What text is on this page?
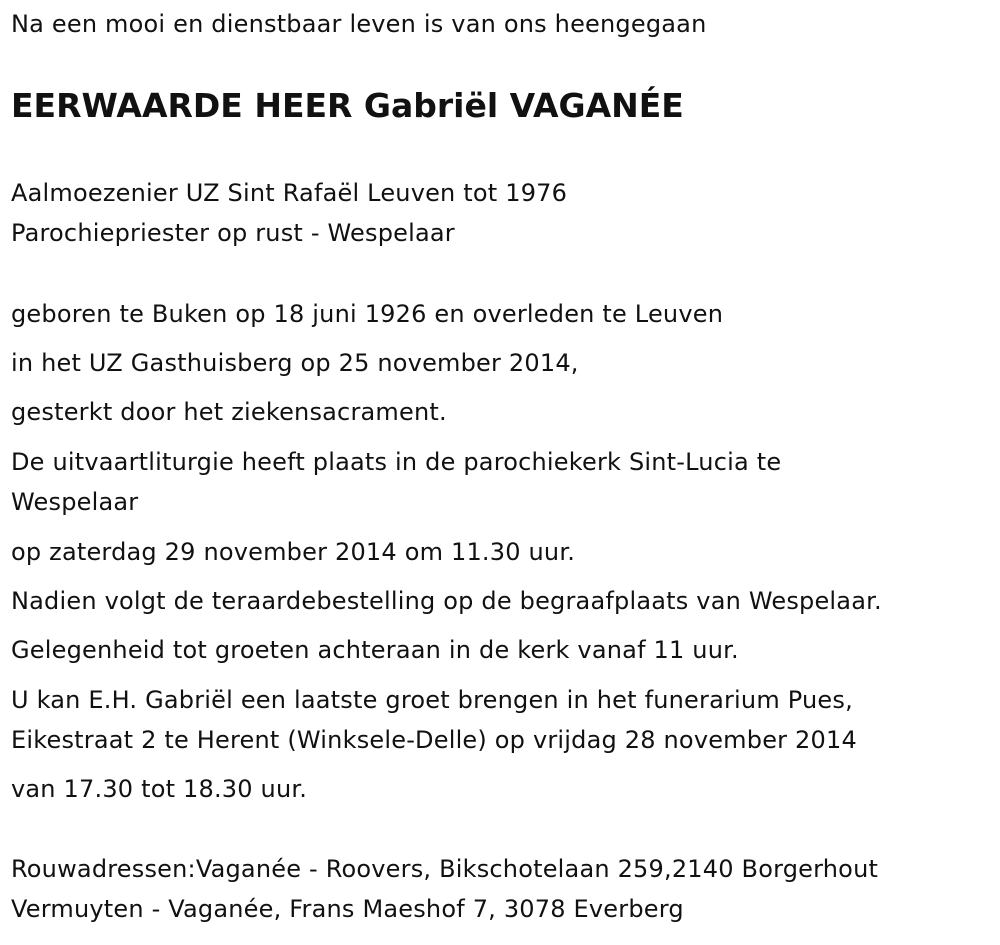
Na een mooi en dienstbaar leven is van ons heengegaan
EERWAARDE HEER Gabriël VAGANÉE
Aalmoezenier UZ Sint Rafaël Leuven tot 1976
Parochiepriester op rust - Wespelaar
geboren te Buken op 18 juni 1926 en overleden te Leuven
in het UZ Gasthuisberg op 25 november 2014,
gesterkt door het ziekensacrament.
De uitvaartliturgie heeft plaats in de parochiekerk Sint-Lucia te
Wespelaar
op zaterdag 29 november 2014 om 11.30 uur.
Nadien volgt de teraardebestelling op de begraafplaats van Wespelaar.
Gelegenheid tot groeten achteraan in de kerk vanaf 11 uur.
U kan E.H. Gabriël een laatste groet brengen in het funerarium Pues,
Eikestraat 2 te Herent (Winksele-Delle) op vrijdag 28 november 2014
van 17.30 tot 18.30 uur.
Rouwadressen:Vaganée - Roovers, Bikschotelaan 259,2140 Borgerhout
Vermuyten - Vaganée, Frans Maeshof 7, 3078 Everberg
